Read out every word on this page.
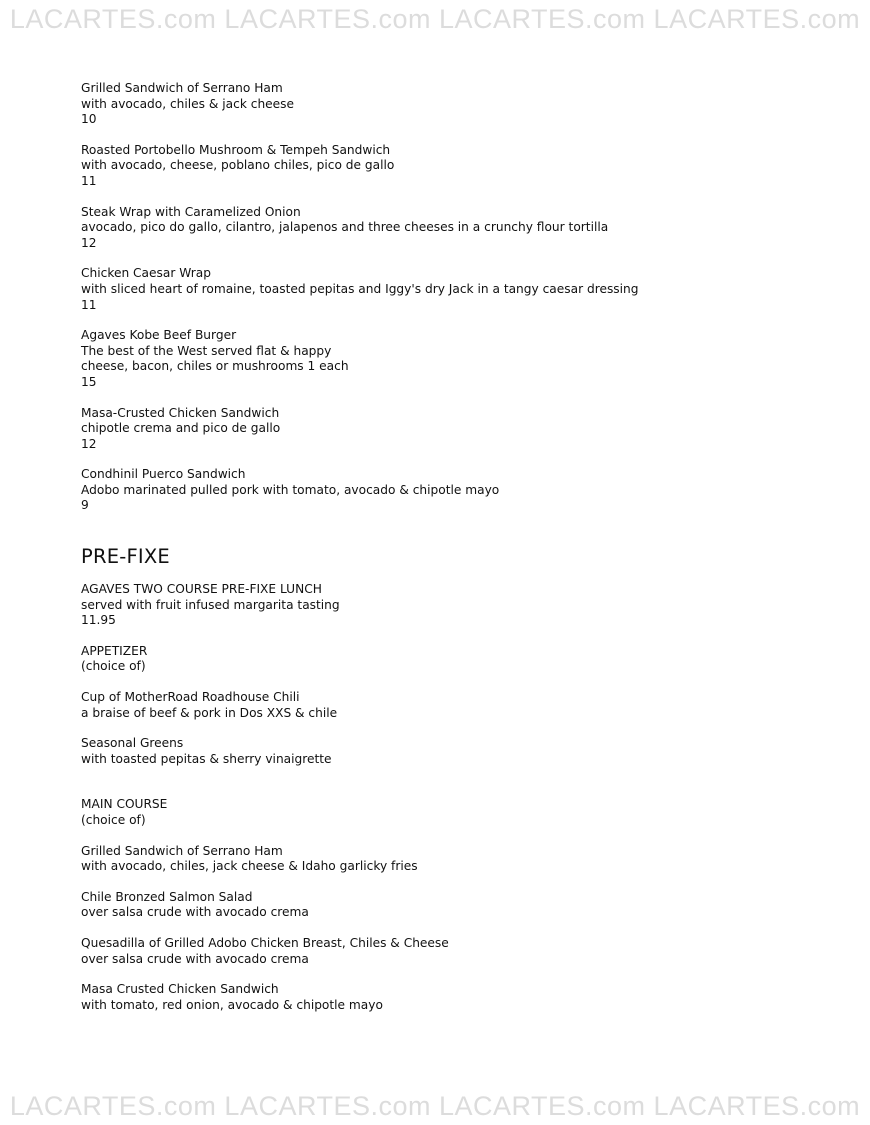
LACARTES.com LACARTES.com LACARTES.com LACARTES.com
Grilled Sandwich of Serrano Ham
with avocado, chiles & jack cheese
10
Roasted Portobello Mushroom & Tempeh Sandwich
with avocado, cheese, poblano chiles, pico de gallo
11
Steak Wrap with Caramelized Onion
avocado, pico do gallo, cilantro, jalapenos and three cheeses in a crunchy flour tortilla
12
Chicken Caesar Wrap
with sliced heart of romaine, toasted pepitas and Iggy's dry Jack in a tangy caesar dressing
11
Agaves Kobe Beef Burger
The best of the West served flat & happy
cheese, bacon, chiles or mushrooms 1 each
15
Masa-Crusted Chicken Sandwich
chipotle crema and pico de gallo
12
Condhinil Puerco Sandwich
Adobo marinated pulled pork with tomato, avocado & chipotle mayo
9
PRE-FIXE
AGAVES TWO COURSE PRE-FIXE LUNCH
served with fruit infused margarita tasting
11.95
APPETIZER
(choice of)
Cup of MotherRoad Roadhouse Chili
a braise of beef & pork in Dos XXS & chile
Seasonal Greens
with toasted pepitas & sherry vinaigrette
MAIN COURSE
(choice of)
Grilled Sandwich of Serrano Ham
with avocado, chiles, jack cheese & Idaho garlicky fries
Chile Bronzed Salmon Salad
over salsa crude with avocado crema
Quesadilla of Grilled Adobo Chicken Breast, Chiles & Cheese
over salsa crude with avocado crema
Masa Crusted Chicken Sandwich
with tomato, red onion, avocado & chipotle mayo
LACARTES.com LACARTES.com LACARTES.com LACARTES.com
